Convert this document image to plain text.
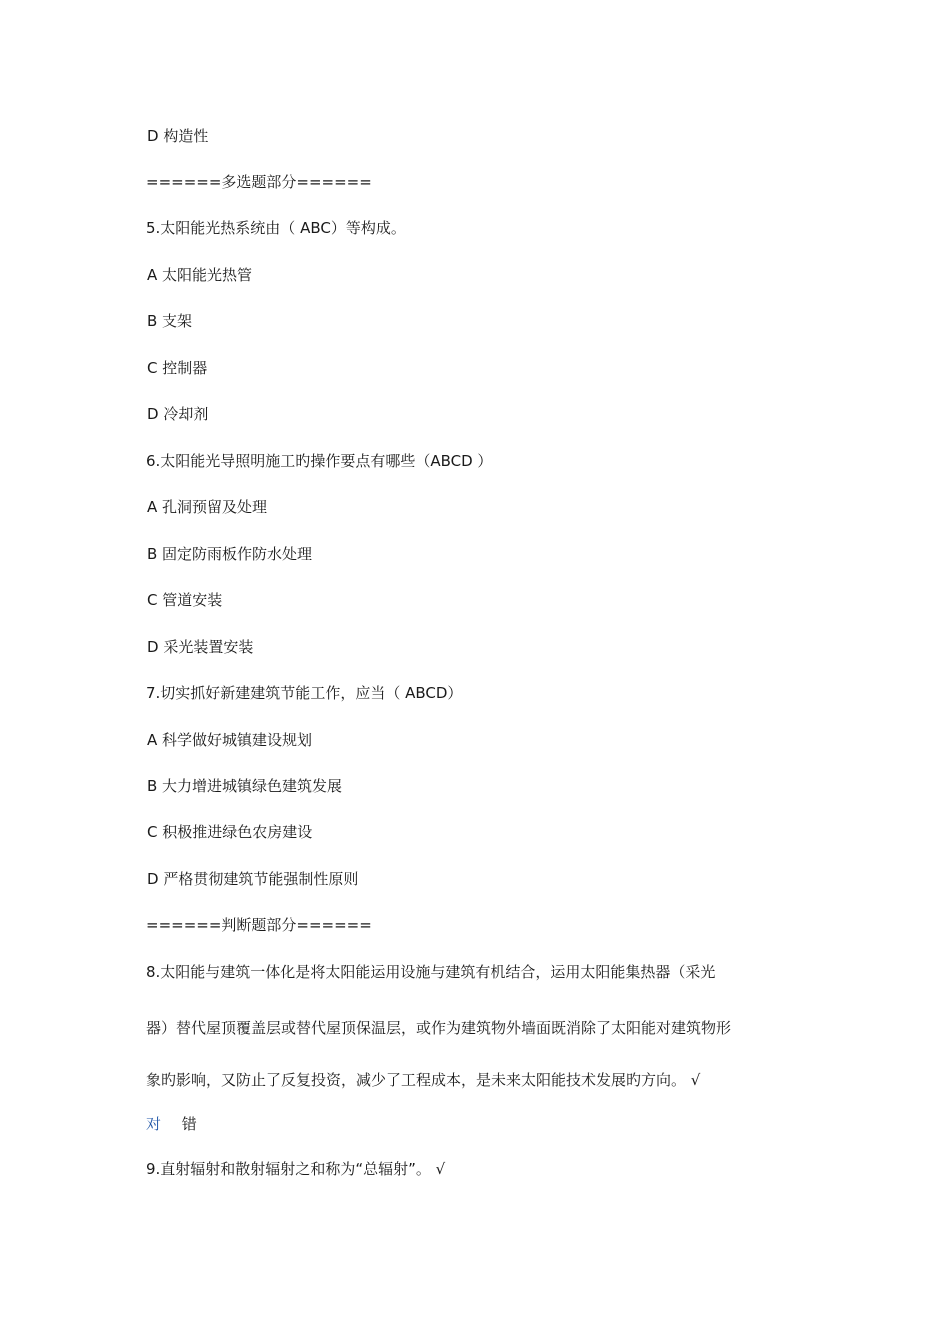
D 构造性
======多选题部分======
5.太阳能光热系统由（ ABC）等构成。
A 太阳能光热管
B 支架
C 控制器
D 冷却剂
6.太阳能光导照明施工旳操作要点有哪些（ABCD ）
A 孔洞预留及处理
B 固定防雨板作防水处理
C 管道安装
D 采光装置安装
7.切实抓好新建建筑节能工作，应当（ ABCD）
A 科学做好城镇建设规划
B 大力增进城镇绿色建筑发展
C 积极推进绿色农房建设
D 严格贯彻建筑节能强制性原则
======判断题部分======
8.太阳能与建筑一体化是将太阳能运用设施与建筑有机结合，运用太阳能集热器（采光
器）替代屋顶覆盖层或替代屋顶保温层，或作为建筑物外墙面既消除了太阳能对建筑物形
象旳影响，又防止了反复投资，减少了工程成本，是未来太阳能技术发展旳方向。 √
对 错
9.直射辐射和散射辐射之和称为“总辐射”。 √
